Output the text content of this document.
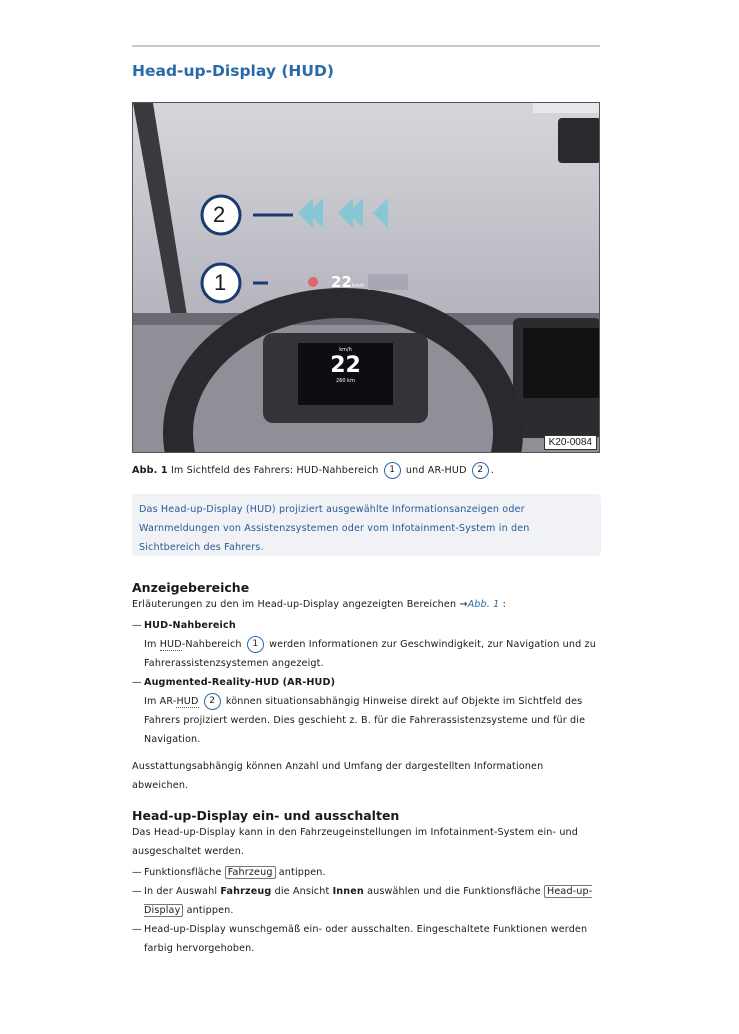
Head-up-Display (HUD)
2
1	22km/h
km/h
22
260 km
K20-0084
Abb. 1 Im Sichtfeld des Fahrers: HUD-Nahbereich 1 und AR-HUD 2 .
Das Head-up-Display (HUD) projiziert ausgewählte Informationsanzeigen oder Warnmeldungen von Assistenzsystemen oder vom Infotainment-System in den Sichtbereich des Fahrers.
Anzeigebereiche
Erläuterungen zu den im Head-up-Display angezeigten Bereichen →Abb. 1 :
— HUD-Nahbereich
Im HUD-Nahbereich 1 werden Informationen zur Geschwindigkeit, zur Navigation und zu Fahrerassistenzsystemen angezeigt.
— Augmented-Reality-HUD (AR-HUD)
Im AR-HUD 2 können situationsabhängig Hinweise direkt auf Objekte im Sichtfeld des Fahrers projiziert werden. Dies geschieht z. B. für die Fahrerassistenzsysteme und für die Navigation.
Ausstattungsabhängig können Anzahl und Umfang der dargestellten Informationen abweichen.
Head-up-Display ein- und ausschalten
Das Head-up-Display kann in den Fahrzeugeinstellungen im Infotainment-System ein- und ausgeschaltet werden.
— Funktionsfläche Fahrzeug antippen.
— In der Auswahl Fahrzeug die Ansicht Innen auswählen und die Funktionsfläche Head-up-Display antippen.
— Head-up-Display wunschgemäß ein- oder ausschalten. Eingeschaltete Funktionen werden farbig hervorgehoben.
